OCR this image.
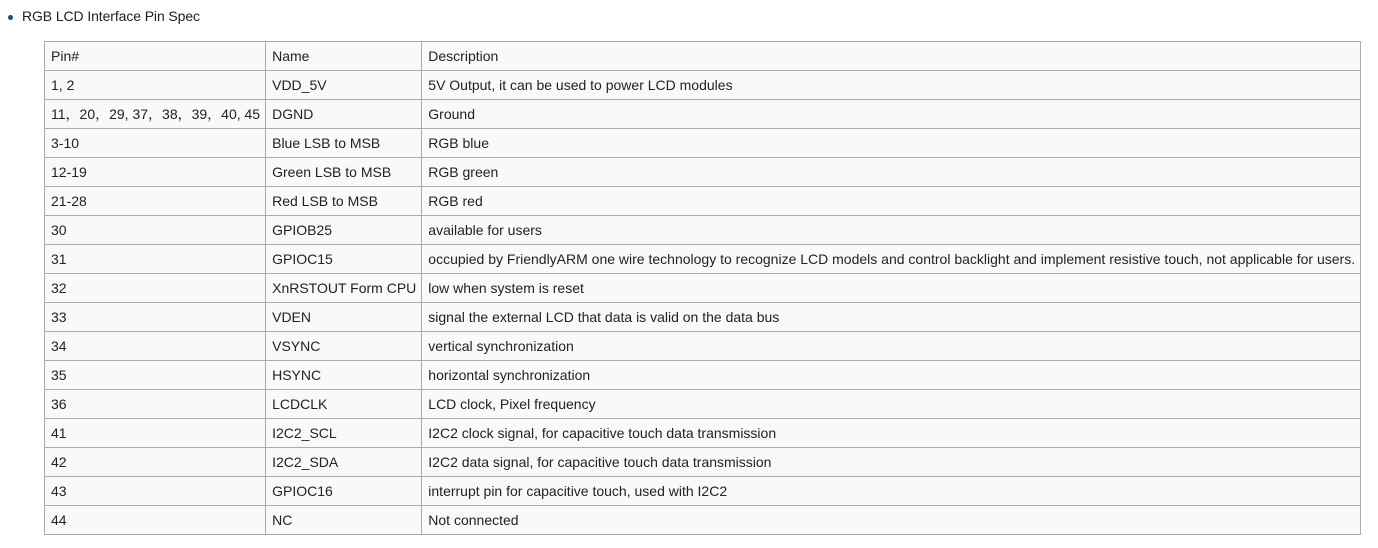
RGB LCD Interface Pin Spec
Pin#	Name	Description
1, 2	VDD_5V	5V Output, it can be used to power LCD modules
11，20，29, 37，38，39，40, 45	DGND	Ground
3-10	Blue LSB to MSB	RGB blue
12-19	Green LSB to MSB	RGB green
21-28	Red LSB to MSB	RGB red
30	GPIOB25	available for users
31	GPIOC15	occupied by FriendlyARM one wire technology to recognize LCD models and control backlight and implement resistive touch, not applicable for users.
32	XnRSTOUT Form CPU	low when system is reset
33	VDEN	signal the external LCD that data is valid on the data bus
34	VSYNC	vertical synchronization
35	HSYNC	horizontal synchronization
36	LCDCLK	LCD clock, Pixel frequency
41	I2C2_SCL	I2C2 clock signal, for capacitive touch data transmission
42	I2C2_SDA	I2C2 data signal, for capacitive touch data transmission
43	GPIOC16	interrupt pin for capacitive touch, used with I2C2
44	NC	Not connected
